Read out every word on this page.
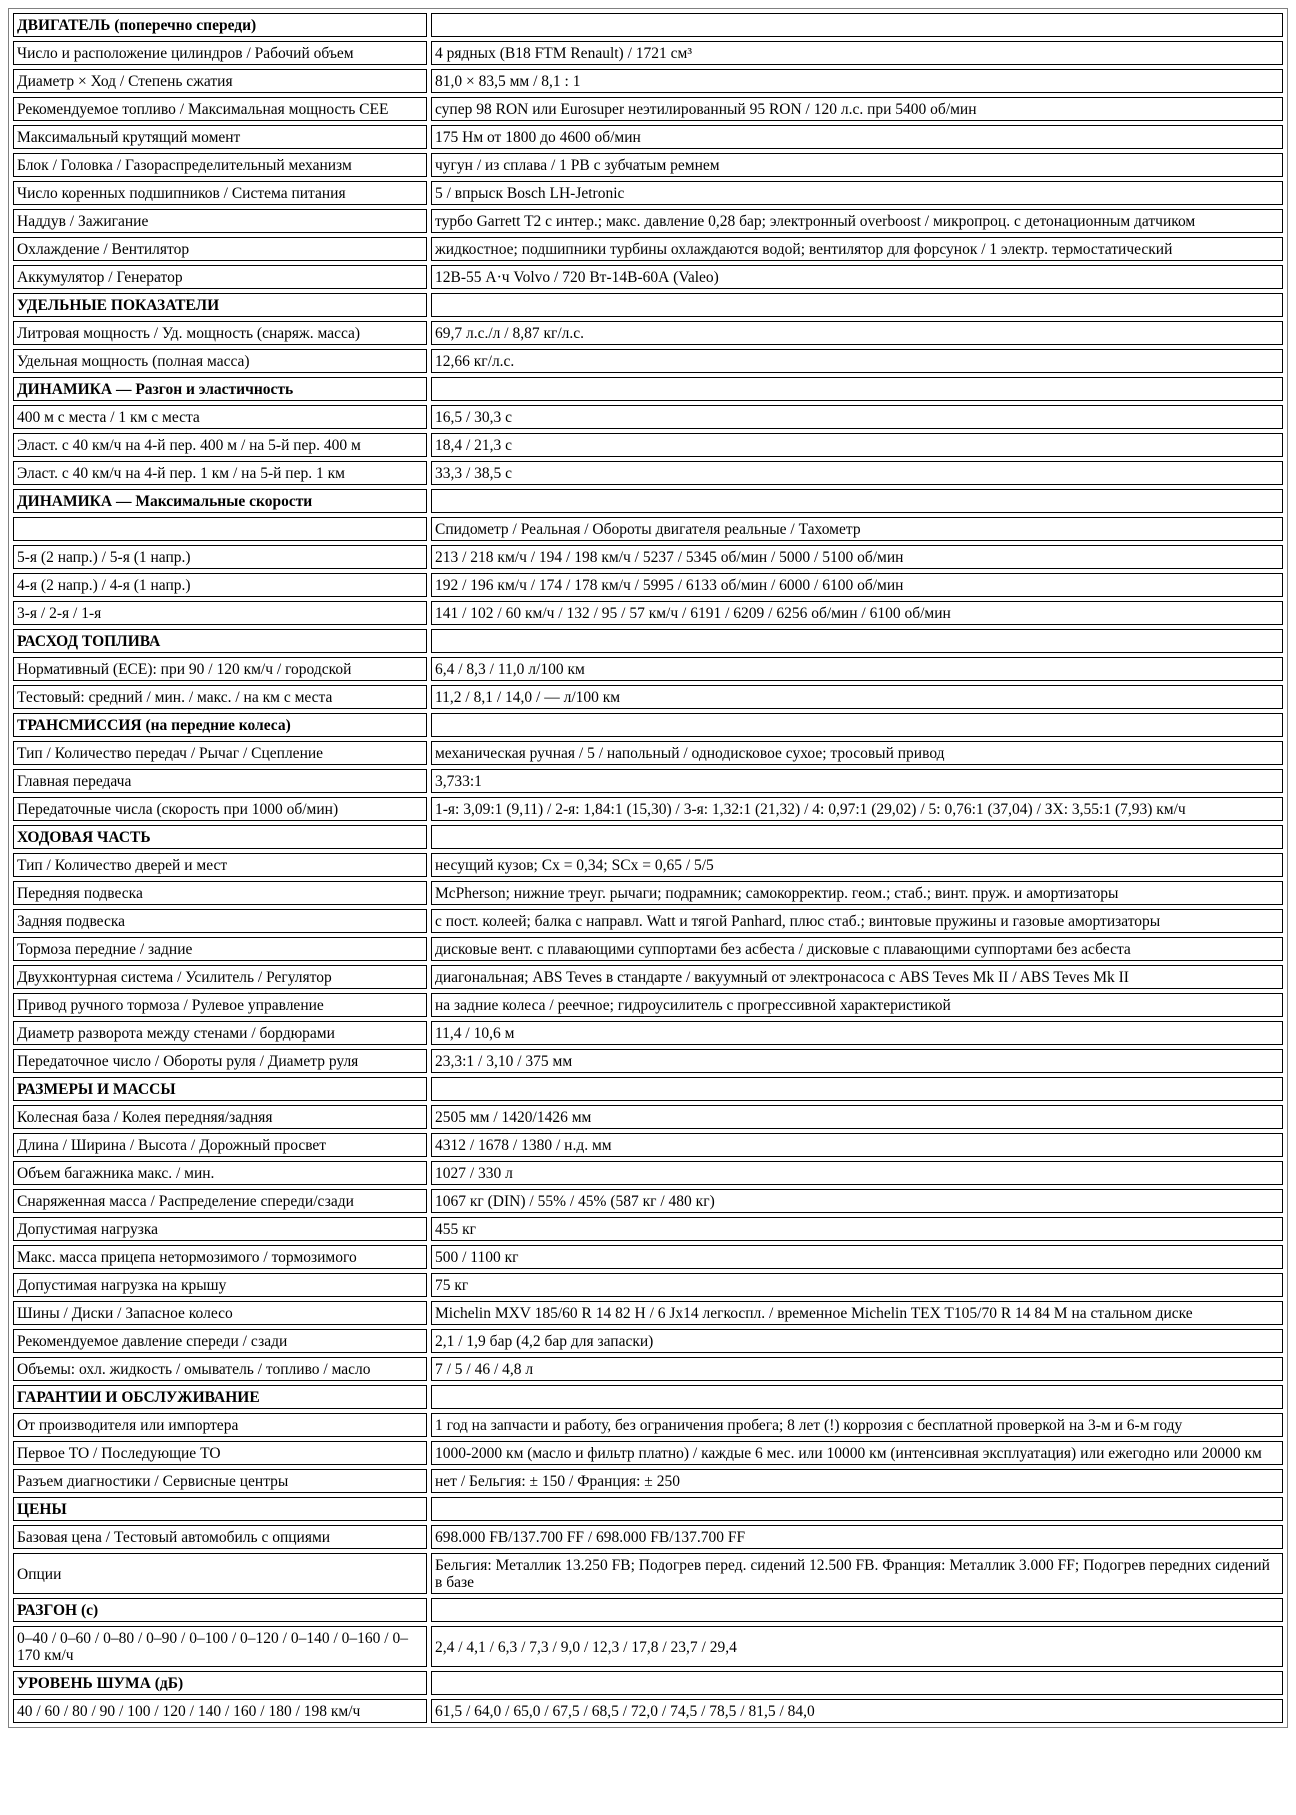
ДВИГАТЕЛЬ (поперечно спереди)	
Число и расположение цилиндров / Рабочий объем	4 рядных (B18 FTM Renault) / 1721 см³
Диаметр × Ход / Степень сжатия	81,0 × 83,5 мм / 8,1 : 1
Рекомендуемое топливо / Максимальная мощность CEE	супер 98 RON или Eurosuper неэтилированный 95 RON / 120 л.с. при 5400 об/мин
Максимальный крутящий момент	175 Нм от 1800 до 4600 об/мин
Блок / Головка / Газораспределительный механизм	чугун / из сплава / 1 РВ с зубчатым ремнем
Число коренных подшипников / Система питания	5 / впрыск Bosch LH-Jetronic
Наддув / Зажигание	турбо Garrett T2 с интер.; макс. давление 0,28 бар; электронный overboost / микропроц. с детонационным датчиком
Охлаждение / Вентилятор	жидкостное; подшипники турбины охлаждаются водой; вентилятор для форсунок / 1 электр. термостатический
Аккумулятор / Генератор	12В-55 А·ч Volvo / 720 Вт-14В-60А (Valeo)
УДЕЛЬНЫЕ ПОКАЗАТЕЛИ	
Литровая мощность / Уд. мощность (снаряж. масса)	69,7 л.с./л / 8,87 кг/л.с.
Удельная мощность (полная масса)	12,66 кг/л.с.
ДИНАМИКА — Разгон и эластичность	
400 м с места / 1 км с места	16,5 / 30,3 с
Эласт. с 40 км/ч на 4-й пер. 400 м / на 5-й пер. 400 м	18,4 / 21,3 с
Эласт. с 40 км/ч на 4-й пер. 1 км / на 5-й пер. 1 км	33,3 / 38,5 с
ДИНАМИКА — Максимальные скорости	
	Спидометр / Реальная / Обороты двигателя реальные / Тахометр
5-я (2 напр.) / 5-я (1 напр.)	213 / 218 км/ч / 194 / 198 км/ч / 5237 / 5345 об/мин / 5000 / 5100 об/мин
4-я (2 напр.) / 4-я (1 напр.)	192 / 196 км/ч / 174 / 178 км/ч / 5995 / 6133 об/мин / 6000 / 6100 об/мин
3-я / 2-я / 1-я	141 / 102 / 60 км/ч / 132 / 95 / 57 км/ч / 6191 / 6209 / 6256 об/мин / 6100 об/мин
РАСХОД ТОПЛИВА	
Нормативный (ECE): при 90 / 120 км/ч / городской	6,4 / 8,3 / 11,0 л/100 км
Тестовый: средний / мин. / макс. / на км с места	11,2 / 8,1 / 14,0 / — л/100 км
ТРАНСМИССИЯ (на передние колеса)	
Тип / Количество передач / Рычаг / Сцепление	механическая ручная / 5 / напольный / однодисковое сухое; тросовый привод
Главная передача	3,733:1
Передаточные числа (скорость при 1000 об/мин)	1-я: 3,09:1 (9,11) / 2-я: 1,84:1 (15,30) / 3-я: 1,32:1 (21,32) / 4: 0,97:1 (29,02) / 5: 0,76:1 (37,04) / ЗХ: 3,55:1 (7,93) км/ч
ХОДОВАЯ ЧАСТЬ	
Тип / Количество дверей и мест	несущий кузов; Cx = 0,34; SCx = 0,65 / 5/5
Передняя подвеска	McPherson; нижние треуг. рычаги; подрамник; самокорректир. геом.; стаб.; винт. пруж. и амортизаторы
Задняя подвеска	с пост. колеей; балка с направл. Watt и тягой Panhard, плюс стаб.; винтовые пружины и газовые амортизаторы
Тормоза передние / задние	дисковые вент. с плавающими суппортами без асбеста / дисковые с плавающими суппортами без асбеста
Двухконтурная система / Усилитель / Регулятор	диагональная; ABS Teves в стандарте / вакуумный от электронасоса с ABS Teves Mk II / ABS Teves Mk II
Привод ручного тормоза / Рулевое управление	на задние колеса / реечное; гидроусилитель с прогрессивной характеристикой
Диаметр разворота между стенами / бордюрами	11,4 / 10,6 м
Передаточное число / Обороты руля / Диаметр руля	23,3:1 / 3,10 / 375 мм
РАЗМЕРЫ И МАССЫ	
Колесная база / Колея передняя/задняя	2505 мм / 1420/1426 мм
Длина / Ширина / Высота / Дорожный просвет	4312 / 1678 / 1380 / н.д. мм
Объем багажника макс. / мин.	1027 / 330 л
Снаряженная масса / Распределение спереди/сзади	1067 кг (DIN) / 55% / 45% (587 кг / 480 кг)
Допустимая нагрузка	455 кг
Макс. масса прицепа нетормозимого / тормозимого	500 / 1100 кг
Допустимая нагрузка на крышу	75 кг
Шины / Диски / Запасное колесо	Michelin MXV 185/60 R 14 82 H / 6 Jx14 легкоспл. / временное Michelin TEX T105/70 R 14 84 M на стальном диске
Рекомендуемое давление спереди / сзади	2,1 / 1,9 бар (4,2 бар для запаски)
Объемы: охл. жидкость / омыватель / топливо / масло	7 / 5 / 46 / 4,8 л
ГАРАНТИИ И ОБСЛУЖИВАНИЕ	
От производителя или импортера	1 год на запчасти и работу, без ограничения пробега; 8 лет (!) коррозия с бесплатной проверкой на 3-м и 6-м году
Первое ТО / Последующие ТО	1000-2000 км (масло и фильтр платно) / каждые 6 мес. или 10000 км (интенсивная эксплуатация) или ежегодно или 20000 км
Разъем диагностики / Сервисные центры	нет / Бельгия: ± 150 / Франция: ± 250
ЦЕНЫ	
Базовая цена / Тестовый автомобиль с опциями	698.000 FB/137.700 FF / 698.000 FB/137.700 FF
Опции	Бельгия: Металлик 13.250 FB; Подогрев перед. сидений 12.500 FB. Франция: Металлик 3.000 FF; Подогрев передних сидений в базе
РАЗГОН (с)	
0–40 / 0–60 / 0–80 / 0–90 / 0–100 / 0–120 / 0–140 / 0–160 / 0–170 км/ч	2,4 / 4,1 / 6,3 / 7,3 / 9,0 / 12,3 / 17,8 / 23,7 / 29,4
УРОВЕНЬ ШУМА (дБ)	
40 / 60 / 80 / 90 / 100 / 120 / 140 / 160 / 180 / 198 км/ч	61,5 / 64,0 / 65,0 / 67,5 / 68,5 / 72,0 / 74,5 / 78,5 / 81,5 / 84,0
